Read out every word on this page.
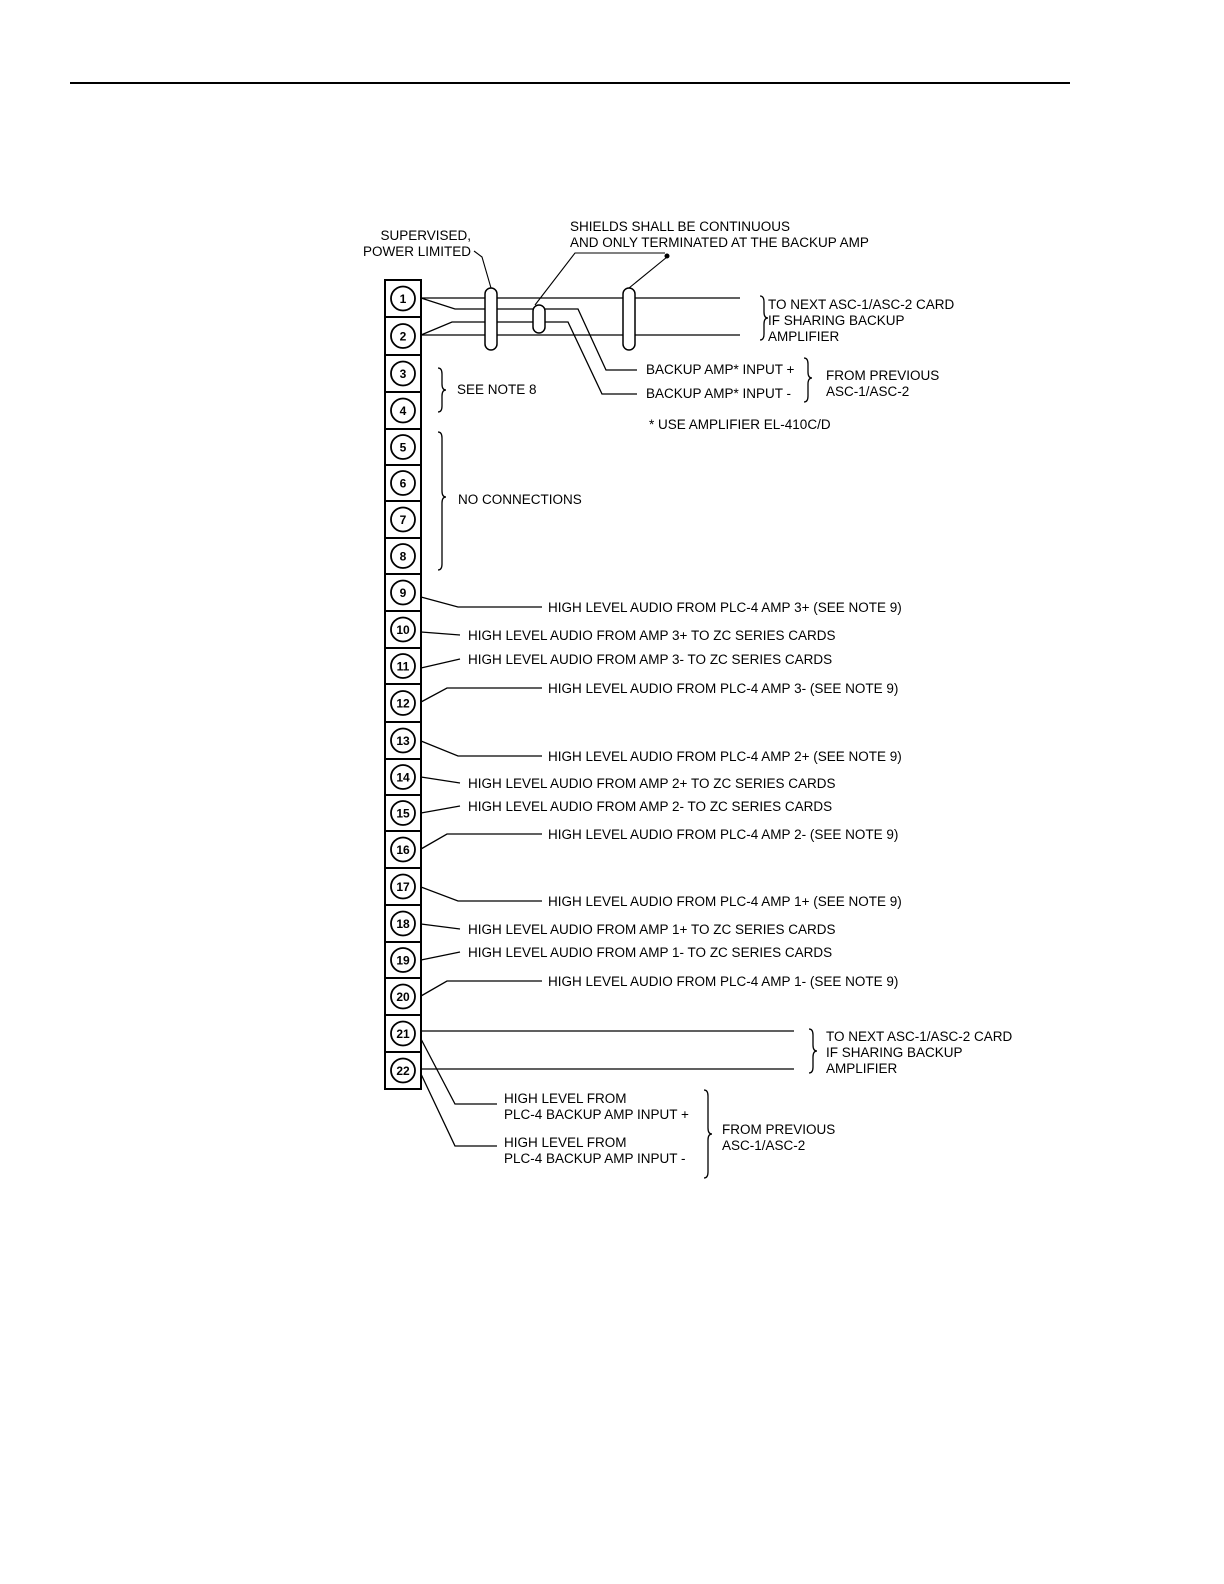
1
2
3
4
5
6
7
8
9
10
11
12
13
14
15
16
17
18
19
20
21
22
SUPERVISED,
POWER LIMITED
SHIELDS SHALL BE CONTINUOUS
AND ONLY TERMINATED AT THE BACKUP AMP
TO NEXT ASC-1/ASC-2 CARD
IF SHARING BACKUP
AMPLIFIER
BACKUP AMP* INPUT +
BACKUP AMP* INPUT -
FROM PREVIOUS
ASC-1/ASC-2
* USE AMPLIFIER EL-410C/D
SEE NOTE 8
NO CONNECTIONS
HIGH LEVEL AUDIO FROM PLC-4 AMP 3+ (SEE NOTE 9)
HIGH LEVEL AUDIO FROM AMP 3+ TO ZC SERIES CARDS
HIGH LEVEL AUDIO FROM AMP 3- TO ZC SERIES CARDS
HIGH LEVEL AUDIO FROM PLC-4 AMP 3- (SEE NOTE 9)
HIGH LEVEL AUDIO FROM PLC-4 AMP 2+ (SEE NOTE 9)
HIGH LEVEL AUDIO FROM AMP 2+ TO ZC SERIES CARDS
HIGH LEVEL AUDIO FROM AMP 2- TO ZC SERIES CARDS
HIGH LEVEL AUDIO FROM PLC-4 AMP 2- (SEE NOTE 9)
HIGH LEVEL AUDIO FROM PLC-4 AMP 1+ (SEE NOTE 9)
HIGH LEVEL AUDIO FROM AMP 1+ TO ZC SERIES CARDS
HIGH LEVEL AUDIO FROM AMP 1- TO ZC SERIES CARDS
HIGH LEVEL AUDIO FROM PLC-4 AMP 1- (SEE NOTE 9)
TO NEXT ASC-1/ASC-2 CARD
IF SHARING BACKUP
AMPLIFIER
HIGH LEVEL FROM
PLC-4 BACKUP AMP INPUT +
HIGH LEVEL FROM
PLC-4 BACKUP AMP INPUT -
FROM PREVIOUS
ASC-1/ASC-2
